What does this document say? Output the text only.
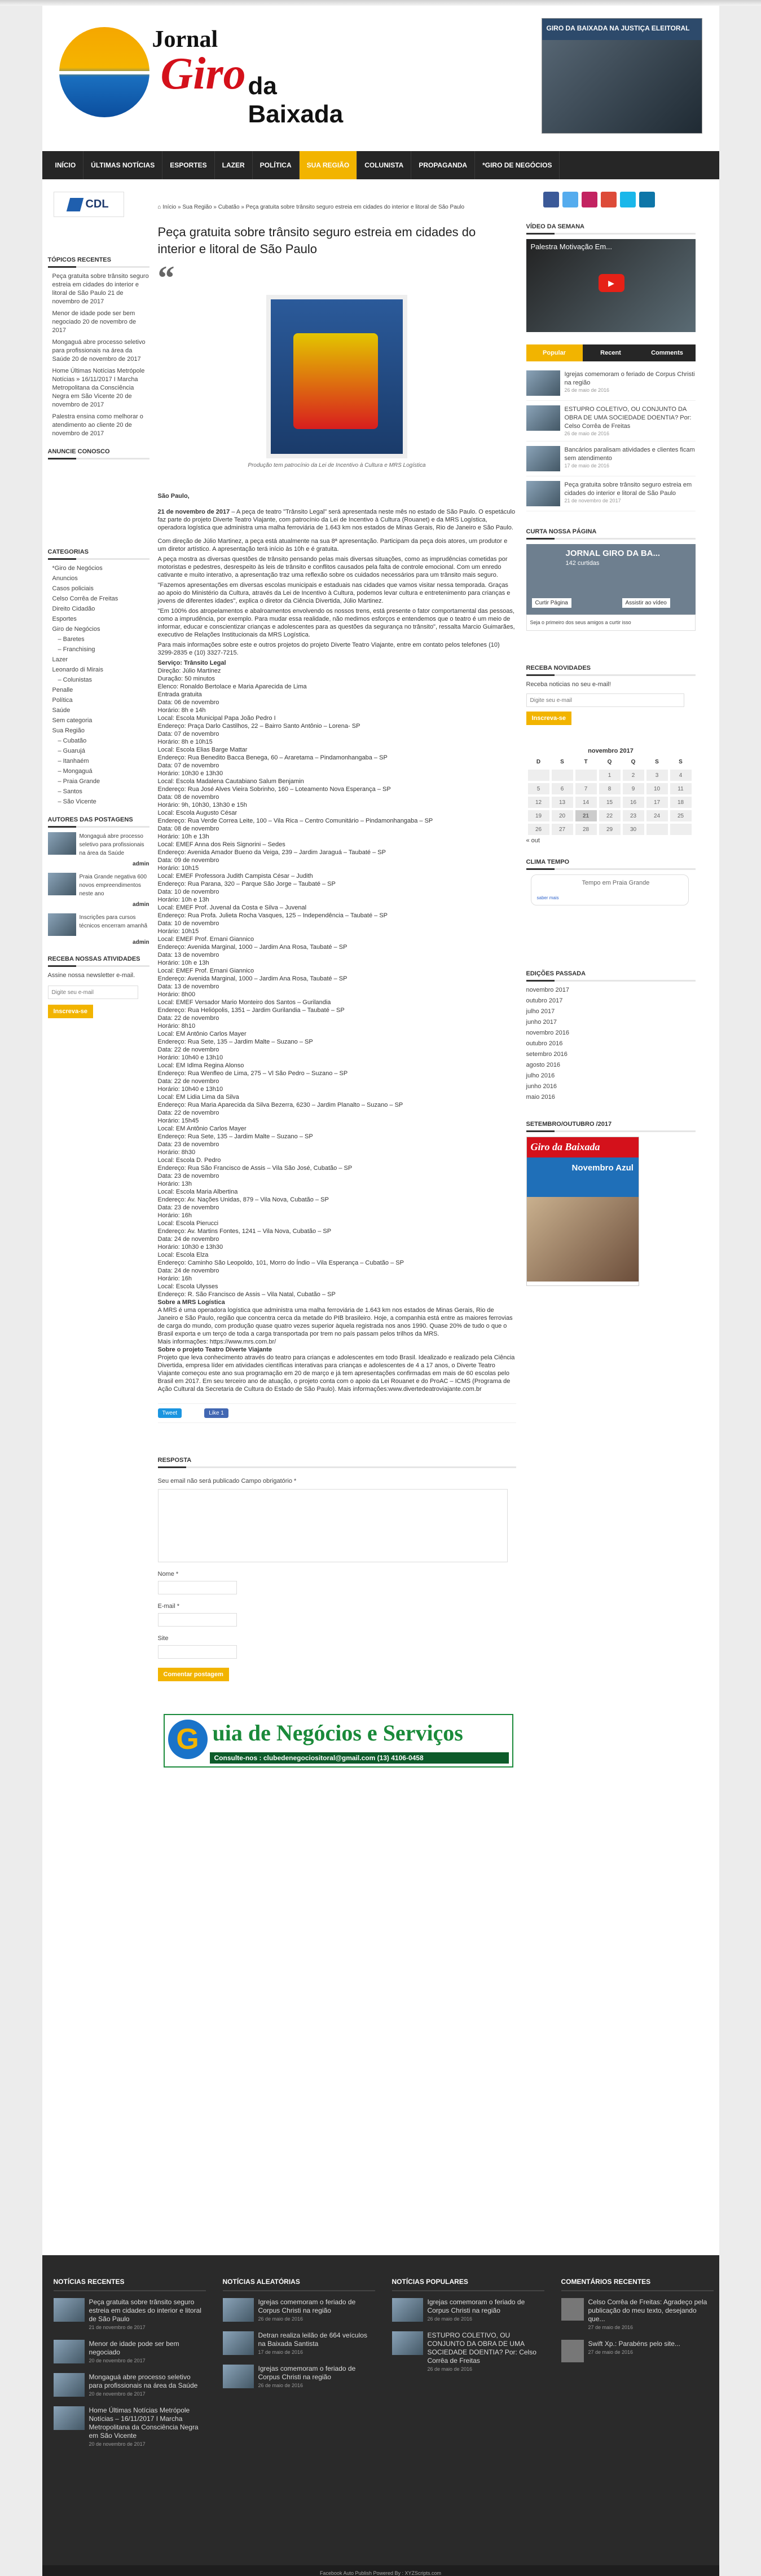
Jornal
Giro da Baixada
GIRO DA BAIXADA NA JUSTIÇA ELEITORAL
INÍCIO	ÚLTIMAS NOTÍCIAS	ESPORTES	LAZER	POLÍTICA	SUA REGIÃO	COLUNISTA	PROPAGANDA	*GIRO DE NEGÓCIOS
CDL
TÓPICOS RECENTES
Peça gratuita sobre trânsito seguro estreia em cidades do interior e litoral de São Paulo 21 de novembro de 2017
Menor de idade pode ser bem negociado 20 de novembro de 2017
Mongaguá abre processo seletivo para profissionais na área da Saúde 20 de novembro de 2017
Home Últimas Notícias Metrópole Notícias » 16/11/2017 I Marcha Metropolitana da Consciência Negra em São Vicente 20 de novembro de 2017
Palestra ensina como melhorar o atendimento ao cliente 20 de novembro de 2017
ANUNCIE CONOSCO
CATEGORIAS
*Giro de Negócios
Anuncios
Casos policiais
Celso Corrêa de Freitas
Direito Cidadão
Esportes
Giro de Negócios
– Baretes
– Franchising
Lazer
Leonardo di Mirais
– Colunistas
Penalle
Política
Saúde
Sem categoria
Sua Região
– Cubatão
– Guarujá
– Itanhaém
– Mongaguá
– Praia Grande
– Santos
– São Vicente
AUTORES DAS POSTAGENS
Mongaguá abre processo seletivo para profissionais na área da Saúde
admin
Praia Grande negativa 600 novos empreendimentos neste ano
admin
Inscrições para cursos técnicos encerram amanhã
admin
RECEBA NOSSAS ATIVIDADES
Assine nossa newsletter e-mail.
Digite seu e-mail Inscreva-se
⌂ Início » Sua Região » Cubatão » Peça gratuita sobre trânsito seguro estreia em cidades do interior e litoral de São Paulo
Peça gratuita sobre trânsito seguro estreia em cidades do interior e litoral de São Paulo
“

Produção tem patrocínio da Lei de Incentivo à Cultura e MRS Logística

São Paulo,

21 de novembro de 2017 – A peça de teatro "Trânsito Legal" será apresentada neste mês no estado de São Paulo. O espetáculo faz parte do projeto Diverte Teatro Viajante, com patrocínio da Lei de Incentivo à Cultura (Rouanet) e da MRS Logística, operadora logística que administra uma malha ferroviária de 1.643 km nos estados de Minas Gerais, Rio de Janeiro e São Paulo.

Com direção de Júlio Martinez, a peça está atualmente na sua 8ª apresentação. Participam da peça dois atores, um produtor e um diretor artístico. A apresentação terá início às 10h e é gratuita.

A peça mostra as diversas questões de trânsito pensando pelas mais diversas situações, como as imprudências cometidas por motoristas e pedestres, desrespeito às leis de trânsito e conflitos causados pela falta de controle emocional. Com um enredo cativante e muito interativo, a apresentação traz uma reflexão sobre os cuidados necessários para um trânsito mais seguro.

"Fazemos apresentações em diversas escolas municipais e estaduais nas cidades que vamos visitar nessa temporada. Graças ao apoio do Ministério da Cultura, através da Lei de Incentivo à Cultura, podemos levar cultura e entretenimento para crianças e jovens de diferentes idades", explica o diretor da Ciência Divertida, Júlio Martinez.

"Em 100% dos atropelamentos e abalroamentos envolvendo os nossos trens, está presente o fator comportamental das pessoas, como a imprudência, por exemplo. Para mudar essa realidade, não medimos esforços e entendemos que o teatro é um meio de informar, educar e conscientizar crianças e adolescentes para as questões da segurança no trânsito", ressalta Marcio Guimarães, executivo de Relações Institucionais da MRS Logística.

Para mais informações sobre este e outros projetos do projeto Diverte Teatro Viajante, entre em contato pelos telefones (10) 3299-2835 e (10) 3327-7215.

Serviço: Trânsito Legal

Direção: Júlio Martinez

Duração: 50 minutos

Elenco: Ronaldo Bertolace e Maria Aparecida de Lima

Entrada gratuita

Data: 06 de novembro

Horário: 8h e 14h

Local: Escola Municipal Papa João Pedro I

Endereço: Praça Darlo Castilhos, 22 – Bairro Santo Antônio – Lorena- SP

Data: 07 de novembro

Horário: 8h e 10h15

Local: Escola Elias Barge Mattar

Endereço: Rua Benedito Bacca Benega, 60 – Araretama – Pindamonhangaba – SP

Data: 07 de novembro

Horário: 10h30 e 13h30

Local: Escola Madalena Cautabiano Salum Benjamin

Endereço: Rua José Alves Vieira Sobrinho, 160 – Loteamento Nova Esperança – SP

Data: 08 de novembro

Horário: 9h, 10h30, 13h30 e 15h

Local: Escola Augusto César

Endereço: Rua Verde Correa Leite, 100 – Vila Rica – Centro Comunitário – Pindamonhangaba – SP

Data: 08 de novembro

Horário: 10h e 13h

Local: EMEF Anna dos Reis Signorini – Sedes

Endereço: Avenida Amador Bueno da Veiga, 239 – Jardim Jaraguá – Taubaté – SP

Data: 09 de novembro

Horário: 10h15

Local: EMEF Professora Judith Campista César – Judith

Endereço: Rua Parana, 320 – Parque São Jorge – Taubaté – SP

Data: 10 de novembro

Horário: 10h e 13h

Local: EMEF Prof. Juvenal da Costa e Silva – Juvenal

Endereço: Rua Profa. Julieta Rocha Vasques, 125 – Independência – Taubaté – SP

Data: 10 de novembro

Horário: 10h15

Local: EMEF Prof. Ernani Giannico

Endereço: Avenida Marginal, 1000 – Jardim Ana Rosa, Taubaté – SP

Data: 13 de novembro

Horário: 10h e 13h

Local: EMEF Prof. Ernani Giannico

Endereço: Avenida Marginal, 1000 – Jardim Ana Rosa, Taubaté – SP

Data: 13 de novembro

Horário: 8h00

Local: EMEF Versador Mario Monteiro dos Santos – Gurilandia

Endereço: Rua Heliópolis, 1351 – Jardim Gurilandia – Taubaté – SP

Data: 22 de novembro

Horário: 8h10

Local: EM Antônio Carlos Mayer

Endereço: Rua Sete, 135 – Jardim Malte – Suzano – SP

Data: 22 de novembro

Horário: 10h40 e 13h10

Local: EM Idlma Regina Alonso

Endereço: Rua Wenfleo de Lima, 275 – Vl São Pedro – Suzano – SP

Data: 22 de novembro

Horário: 10h40 e 13h10

Local: EM Lidia Lima da Silva

Endereço: Rua Maria Aparecida da Silva Bezerra, 6230 – Jardim Planalto – Suzano – SP

Data: 22 de novembro

Horário: 15h45

Local: EM Antônio Carlos Mayer

Endereço: Rua Sete, 135 – Jardim Malte – Suzano – SP

Data: 23 de novembro

Horário: 8h30

Local: Escola D. Pedro

Endereço: Rua São Francisco de Assis – Vila São José, Cubatão – SP

Data: 23 de novembro

Horário: 13h

Local: Escola Maria Albertina

Endereço: Av. Nações Unidas, 879 – Vila Nova, Cubatão – SP

Data: 23 de novembro

Horário: 16h

Local: Escola Pierucci

Endereço: Av. Martins Fontes, 1241 – Vila Nova, Cubatão – SP

Data: 24 de novembro

Horário: 10h30 e 13h30

Local: Escola Elza

Endereço: Caminho São Leopoldo, 101, Morro do Índio – Vila Esperança – Cubatão – SP

Data: 24 de novembro

Horário: 16h

Local: Escola Ulysses

Endereço: R. São Francisco de Assis – Vila Natal, Cubatão – SP

Sobre a MRS Logística

A MRS é uma operadora logística que administra uma malha ferroviária de 1.643 km nos estados de Minas Gerais, Rio de Janeiro e São Paulo, região que concentra cerca da metade do PIB brasileiro. Hoje, a companhia está entre as maiores ferrovias de carga do mundo, com produção quase quatro vezes superior àquela registrada nos anos 1990. Quase 20% de tudo o que o Brasil exporta e um terço de toda a carga transportada por trem no país passam pelos trilhos da MRS.

Mais informações: https://www.mrs.com.br/

Sobre o projeto Teatro Diverte Viajante

Projeto que leva conhecimento através do teatro para crianças e adolescentes em todo Brasil. Idealizado e realizado pela Ciência Divertida, empresa líder em atividades científicas interativas para crianças e adolescentes de 4 a 17 anos, o Diverte Teatro Viajante começou este ano sua programação em 20 de março e já tem apresentações confirmadas em mais de 60 escolas pelo Brasil em 2017. Em seu terceiro ano de atuação, o projeto conta com o apoio da Lei Rouanet e do ProAC – ICMS (Programa de Ação Cultural da Secretaria de Cultura do Estado de São Paulo). Mais informações:www.divertedeatroviajante.com.br

Tweet	Like 1
RESPOSTA
Seu email não será publicado Campo obrigatório *
Nome *
E-mail *
Site
Comentar postagem
G uia de Negócios e Serviços
Consulte-nos : clubedenegociositoral@gmail.com (13) 4106-0458
VÍDEO DA SEMANA
Palestra Motivação Em...
▶
Popular	Recent	Comments
Igrejas comemoram o feriado de Corpus Christi na região
26 de maio de 2016
ESTUPRO COLETIVO, OU CONJUNTO DA OBRA DE UMA SOCIEDADE DOENTIA? Por: Celso Corrêa de Freitas
26 de maio de 2016
Bancários paralisam atividades e clientes ficam sem atendimento
17 de maio de 2016
Peça gratuita sobre trânsito seguro estreia em cidades do interior e litoral de São Paulo
21 de novembro de 2017
CURTA NOSSA PÁGINA
JORNAL GIRO DA BA...
142 curtidas
Curtir Página	Assistir ao vídeo
Seja o primeiro dos seus amigos a curtir isso
RECEBA NOVIDADES
Receba noticias no seu e-mail!
Digite seu e-mail Inscreva-se
novembro 2017
D	S	T	Q	Q	S	S
			1	2	3	4
5	6	7	8	9	10	11
12	13	14	15	16	17	18
19	20	21	22	23	24	25
26	27	28	29	30		
« out
CLIMA TEMPO
Tempo em Praia Grande
saber mais
EDIÇÕES PASSADA
novembro 2017
outubro 2017
julho 2017
junho 2017
novembro 2016
outubro 2016
setembro 2016
agosto 2016
julho 2016
junho 2016
maio 2016
SETEMBRO/OUTUBRO /2017
Giro da Baixada
Novembro Azul
NOTÍCIAS RECENTES
Peça gratuita sobre trânsito seguro estreia em cidades do interior e litoral de São Paulo
21 de novembro de 2017
Menor de idade pode ser bem negociado
20 de novembro de 2017
Mongaguá abre processo seletivo para profissionais na área da Saúde
20 de novembro de 2017
Home Últimas Notícias Metrópole Notícias – 16/11/2017 I Marcha Metropolitana da Consciência Negra em São Vicente
20 de novembro de 2017
NOTÍCIAS ALEATÓRIAS
Igrejas comemoram o feriado de Corpus Christi na região
26 de maio de 2016
Detran realiza leilão de 664 veículos na Baixada Santista
17 de maio de 2016
Igrejas comemoram o feriado de Corpus Christi na região
26 de maio de 2016
NOTÍCIAS POPULARES
Igrejas comemoram o feriado de Corpus Christi na região
26 de maio de 2016
ESTUPRO COLETIVO, OU CONJUNTO DA OBRA DE UMA SOCIEDADE DOENTIA? Por: Celso Corrêa de Freitas
26 de maio de 2016
COMENTÁRIOS RECENTES
Celso Corrêa de Freitas: Agradeço pela publicação do meu texto, desejando que...
27 de maio de 2016
Swift Xp.: Parabéns pelo site...
27 de maio de 2016
Facebook Auto Publish Powered By : XYZScripts.com
